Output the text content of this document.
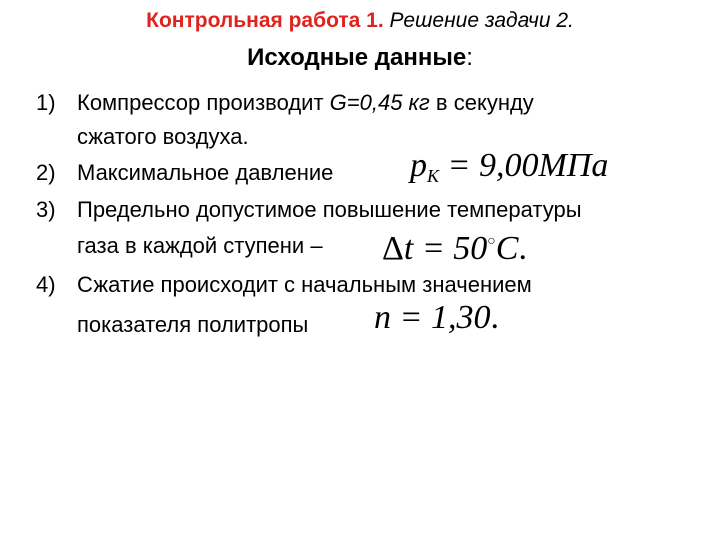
Контрольная работа 1. Решение задачи 2.
Исходные данные:
1) Компрессор производит G=0,45 кг в секунду
сжатого воздуха.
2) Максимальное давление $p_K = 9,00МПа$
3) Предельно допустимое повышение температуры
газа в каждой ступени – Δt = 50○C.
4) Сжатие происходит с начальным значением
показателя политропы n = 1,30.
